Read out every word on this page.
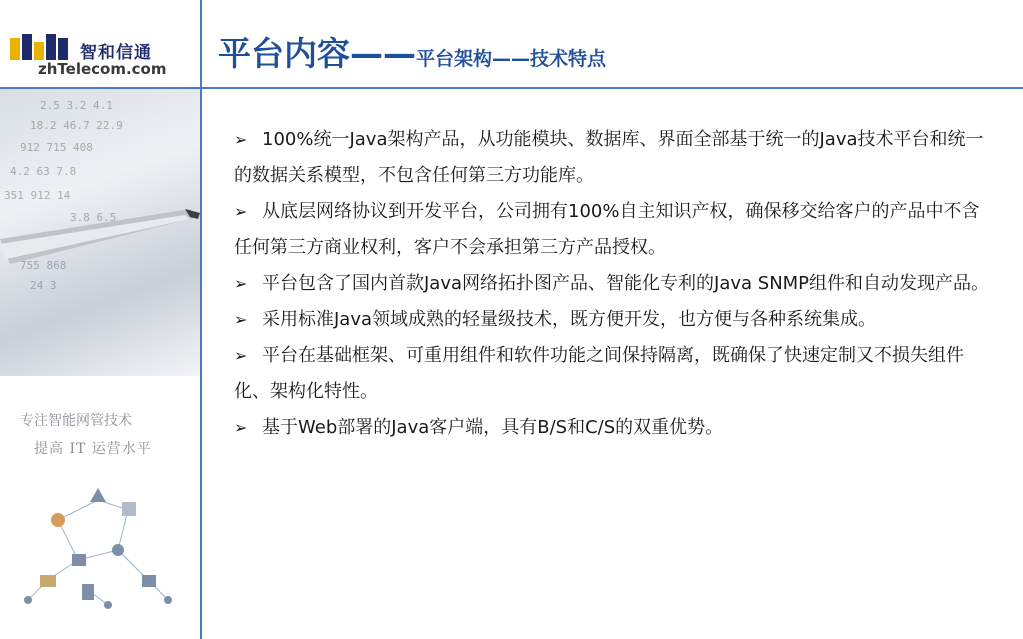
智和信通
zhTelecom.com
2.5 3.2 4.1
18.2 46.7 22.9
912 715 408
4.2 63 7.8
351 912 14
3.8 6.5
755 868
24 3
专注智能网管技术
提高 IT 运营水平
平台内容——平台架构——技术特点

➢ 100%统一Java架构产品，从功能模块、数据库、界面全部基于统一的Java技术平台和统一的数据关系模型，不包含任何第三方功能库。

➢ 从底层网络协议到开发平台，公司拥有100%自主知识产权，确保移交给客户的产品中不含任何第三方商业权利，客户不会承担第三方产品授权。

➢ 平台包含了国内首款Java网络拓扑图产品、智能化专利的Java SNMP组件和自动发现产品。

➢ 采用标准Java领域成熟的轻量级技术，既方便开发，也方便与各种系统集成。

➢ 平台在基础框架、可重用组件和软件功能之间保持隔离，既确保了快速定制又不损失组件化、架构化特性。

➢ 基于Web部署的Java客户端，具有B/S和C/S的双重优势。
